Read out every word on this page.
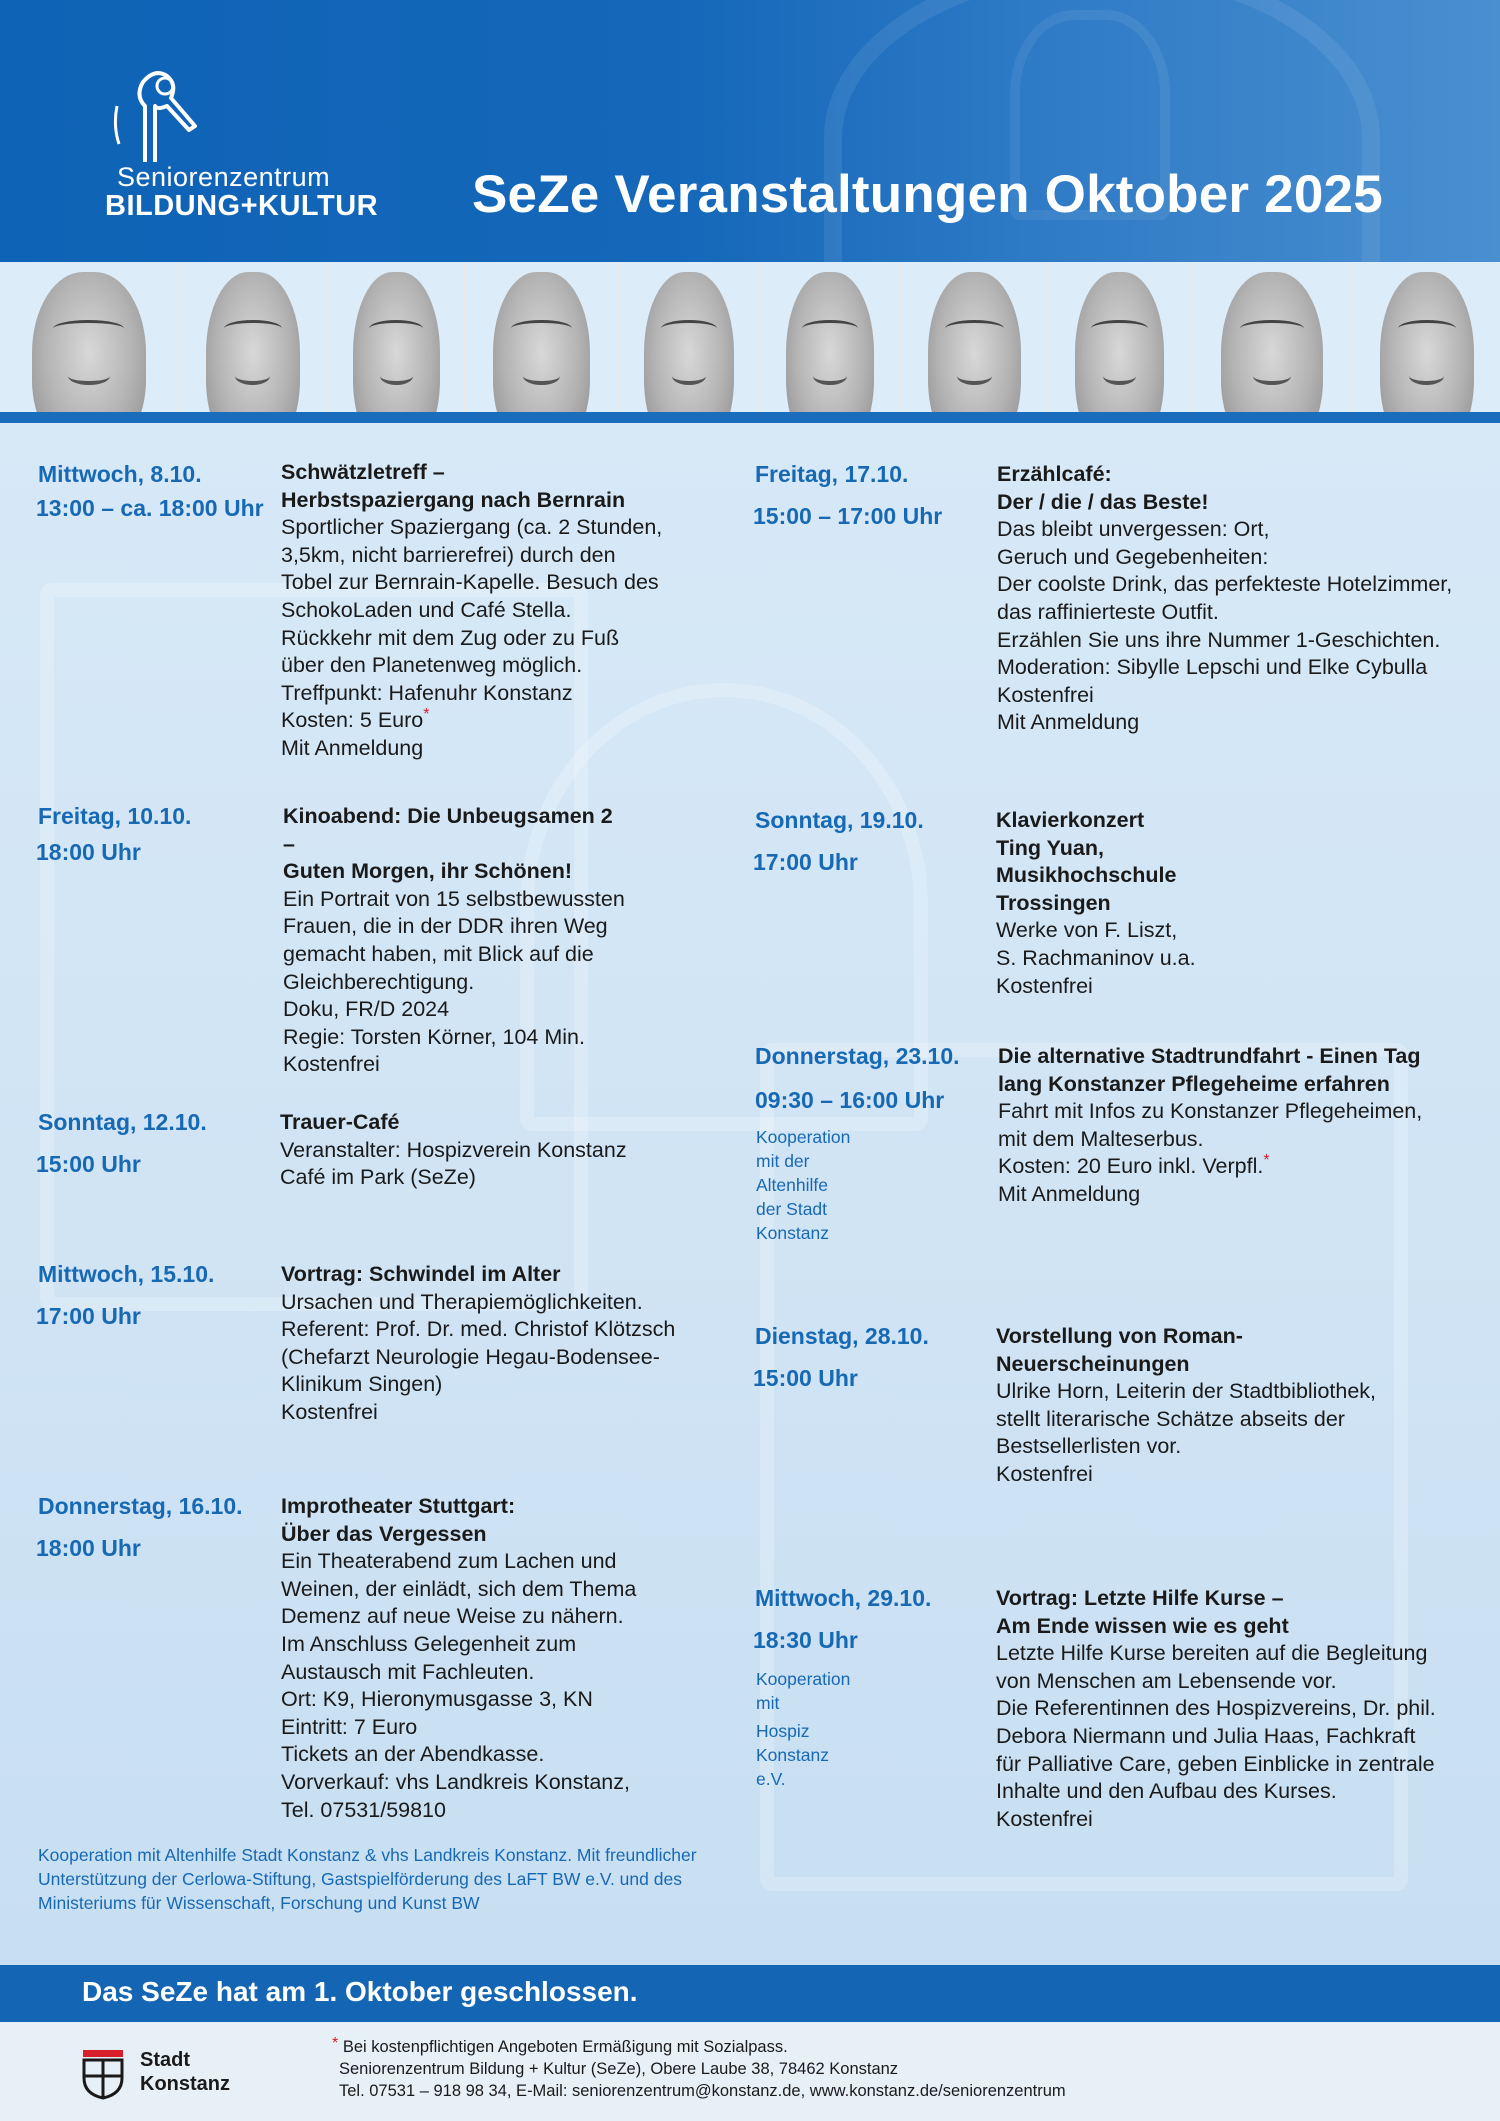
Seniorenzentrum
BILDUNG+KULTUR SeZe Veranstaltungen Oktober 2025
Mittwoch, 8.10.
13:00 – ca. 18:00 Uhr
Schwätzletreff –
Herbstspaziergang nach Bernrain
Sportlicher Spaziergang (ca. 2 Stunden,
3,5km, nicht barrierefrei) durch den
Tobel zur Bernrain-Kapelle. Besuch des
SchokoLaden und Café Stella.
Rückkehr mit dem Zug oder zu Fuß
über den Planetenweg möglich.
Treffpunkt: Hafenuhr Konstanz
Kosten: 5 Euro*
Mit Anmeldung
Freitag, 10.10.
18:00 Uhr
Kinoabend: Die Unbeugsamen 2 –
Guten Morgen, ihr Schönen!
Ein Portrait von 15 selbstbewussten
Frauen, die in der DDR ihren Weg
gemacht haben, mit Blick auf die
Gleichberechtigung.
Doku, FR/D 2024
Regie: Torsten Körner, 104 Min.
Kostenfrei
Sonntag, 12.10.
15:00 Uhr
Trauer-Café
Veranstalter: Hospizverein Konstanz
Café im Park (SeZe)
Mittwoch, 15.10.
17:00 Uhr
Vortrag: Schwindel im Alter
Ursachen und Therapiemöglichkeiten.
Referent: Prof. Dr. med. Christof Klötzsch
(Chefarzt Neurologie Hegau-Bodensee-
Klinikum Singen)
Kostenfrei
Donnerstag, 16.10.
18:00 Uhr
Improtheater Stuttgart:
Über das Vergessen
Ein Theaterabend zum Lachen und
Weinen, der einlädt, sich dem Thema
Demenz auf neue Weise zu nähern.
Im Anschluss Gelegenheit zum
Austausch mit Fachleuten.
Ort: K9, Hieronymusgasse 3, KN
Eintritt: 7 Euro
Tickets an der Abendkasse.
Vorverkauf: vhs Landkreis Konstanz,
Tel. 07531/59810
Kooperation mit Altenhilfe Stadt Konstanz & vhs Landkreis Konstanz. Mit freundlicher Unterstützung der Cerlowa-Stiftung, Gastspielförderung des LaFT BW e.V. und des Ministeriums für Wissenschaft, Forschung und Kunst BW
Freitag, 17.10.
15:00 – 17:00 Uhr
Erzählcafé:
Der / die / das Beste!
Das bleibt unvergessen: Ort,
Geruch und Gegebenheiten:
Der coolste Drink, das perfekteste Hotelzimmer,
das raffinierteste Outfit.
Erzählen Sie uns ihre Nummer 1-Geschichten.
Moderation: Sibylle Lepschi und Elke Cybulla
Kostenfrei
Mit Anmeldung
Sonntag, 19.10.
17:00 Uhr
Klavierkonzert
Ting Yuan, Musikhochschule Trossingen
Werke von F. Liszt,
S. Rachmaninov u.a.
Kostenfrei
Donnerstag, 23.10.
09:30 – 16:00 Uhr
Kooperation mit der
Altenhilfe der Stadt
Konstanz
Die alternative Stadtrundfahrt - Einen Tag
lang Konstanzer Pflegeheime erfahren
Fahrt mit Infos zu Konstanzer Pflegeheimen,
mit dem Malteserbus.
Kosten: 20 Euro inkl. Verpfl.*
Mit Anmeldung
Dienstag, 28.10.
15:00 Uhr
Vorstellung von Roman-
Neuerscheinungen
Ulrike Horn, Leiterin der Stadtbibliothek,
stellt literarische Schätze abseits der
Bestsellerlisten vor.
Kostenfrei
Mittwoch, 29.10.
18:30 Uhr
Kooperation mit
Hospiz Konstanz e.V.
Vortrag: Letzte Hilfe Kurse –
Am Ende wissen wie es geht
Letzte Hilfe Kurse bereiten auf die Begleitung
von Menschen am Lebensende vor.
Die Referentinnen des Hospizvereins, Dr. phil.
Debora Niermann und Julia Haas, Fachkraft
für Palliative Care, geben Einblicke in zentrale
Inhalte und den Aufbau des Kurses.
Kostenfrei
Das SeZe hat am 1. Oktober geschlossen.
Stadt
Konstanz
* Bei kostenpflichtigen Angeboten Ermäßigung mit Sozialpass.
Seniorenzentrum Bildung + Kultur (SeZe), Obere Laube 38, 78462 Konstanz
Tel. 07531 – 918 98 34, E-Mail: seniorenzentrum@konstanz.de, www.konstanz.de/seniorenzentrum
